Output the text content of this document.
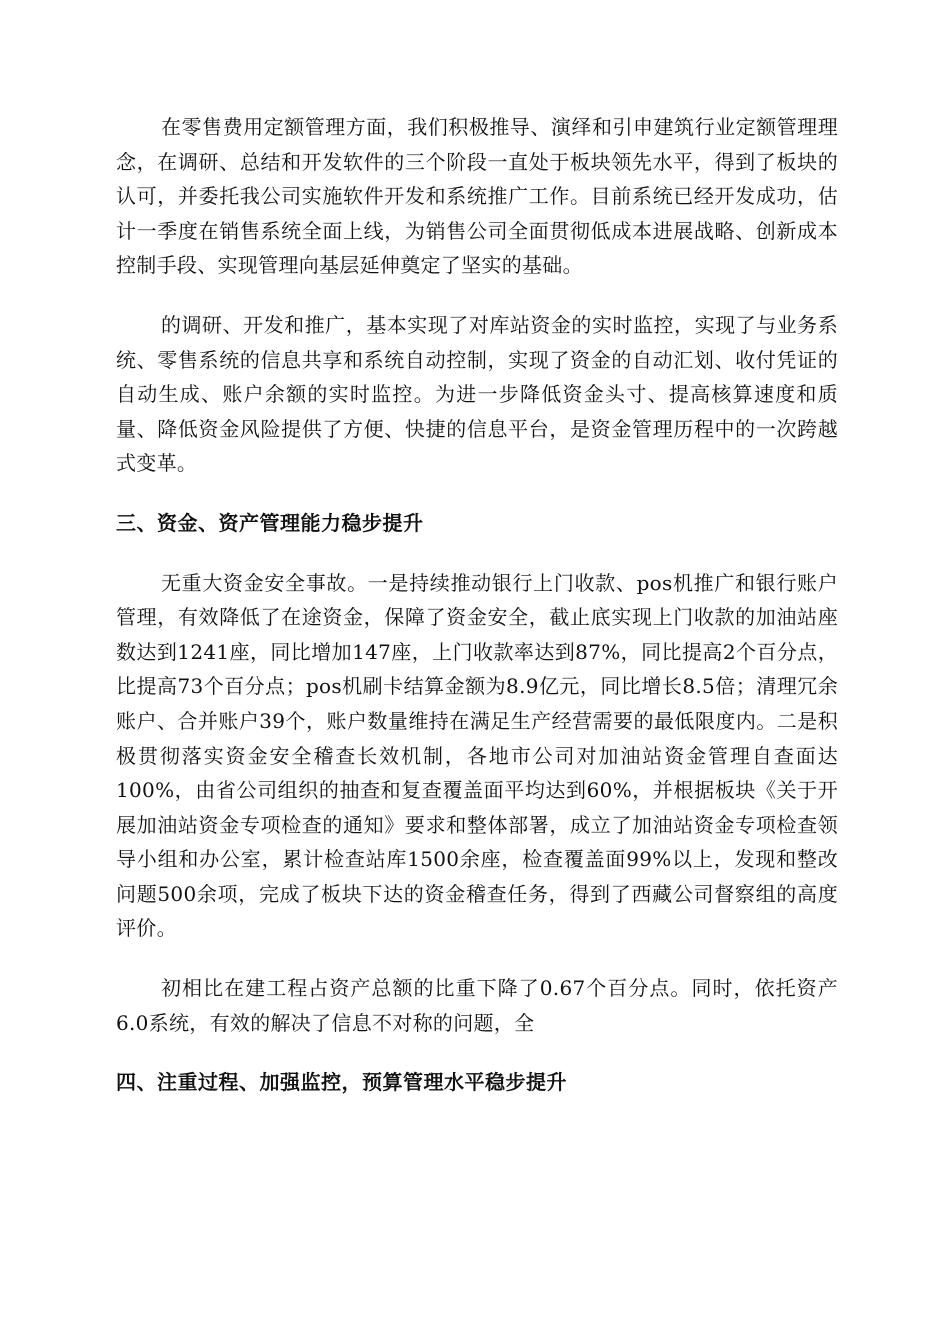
在零售费用定额管理方面，我们积极推导、演绎和引申建筑行业定额管理理念，在调研、总结和开发软件的三个阶段一直处于板块领先水平，得到了板块的认可，并委托我公司实施软件开发和系统推广工作。目前系统已经开发成功，估计一季度在销售系统全面上线，为销售公司全面贯彻低成本进展战略、创新成本控制手段、实现管理向基层延伸奠定了坚实的基础。

的调研、开发和推广，基本实现了对库站资金的实时监控，实现了与业务系统、零售系统的信息共享和系统自动控制，实现了资金的自动汇划、收付凭证的自动生成、账户余额的实时监控。为进一步降低资金头寸、提高核算速度和质量、降低资金风险提供了方便、快捷的信息平台，是资金管理历程中的一次跨越式变革。

三、资金、资产管理能力稳步提升

无重大资金安全事故。一是持续推动银行上门收款、pos机推广和银行账户管理，有效降低了在途资金，保障了资金安全，截止底实现上门收款的加油站座数达到1241座，同比增加147座，上门收款率达到87%，同比提高2个百分点，比提高73个百分点；pos机刷卡结算金额为8.9亿元，同比增长8.5倍；清理冗余账户、合并账户39个，账户数量维持在满足生产经营需要的最低限度内。二是积极贯彻落实资金安全稽查长效机制，各地市公司对加油站资金管理自查面达100%，由省公司组织的抽查和复查覆盖面平均达到60%，并根据板块《关于开展加油站资金专项检查的通知》要求和整体部署，成立了加油站资金专项检查领导小组和办公室，累计检查站库1500余座，检查覆盖面99%以上，发现和整改问题500余项，完成了板块下达的资金稽查任务，得到了西藏公司督察组的高度评价。

初相比在建工程占资产总额的比重下降了0.67个百分点。同时，依托资产6.0系统，有效的解决了信息不对称的问题，全

四、注重过程、加强监控，预算管理水平稳步提升
